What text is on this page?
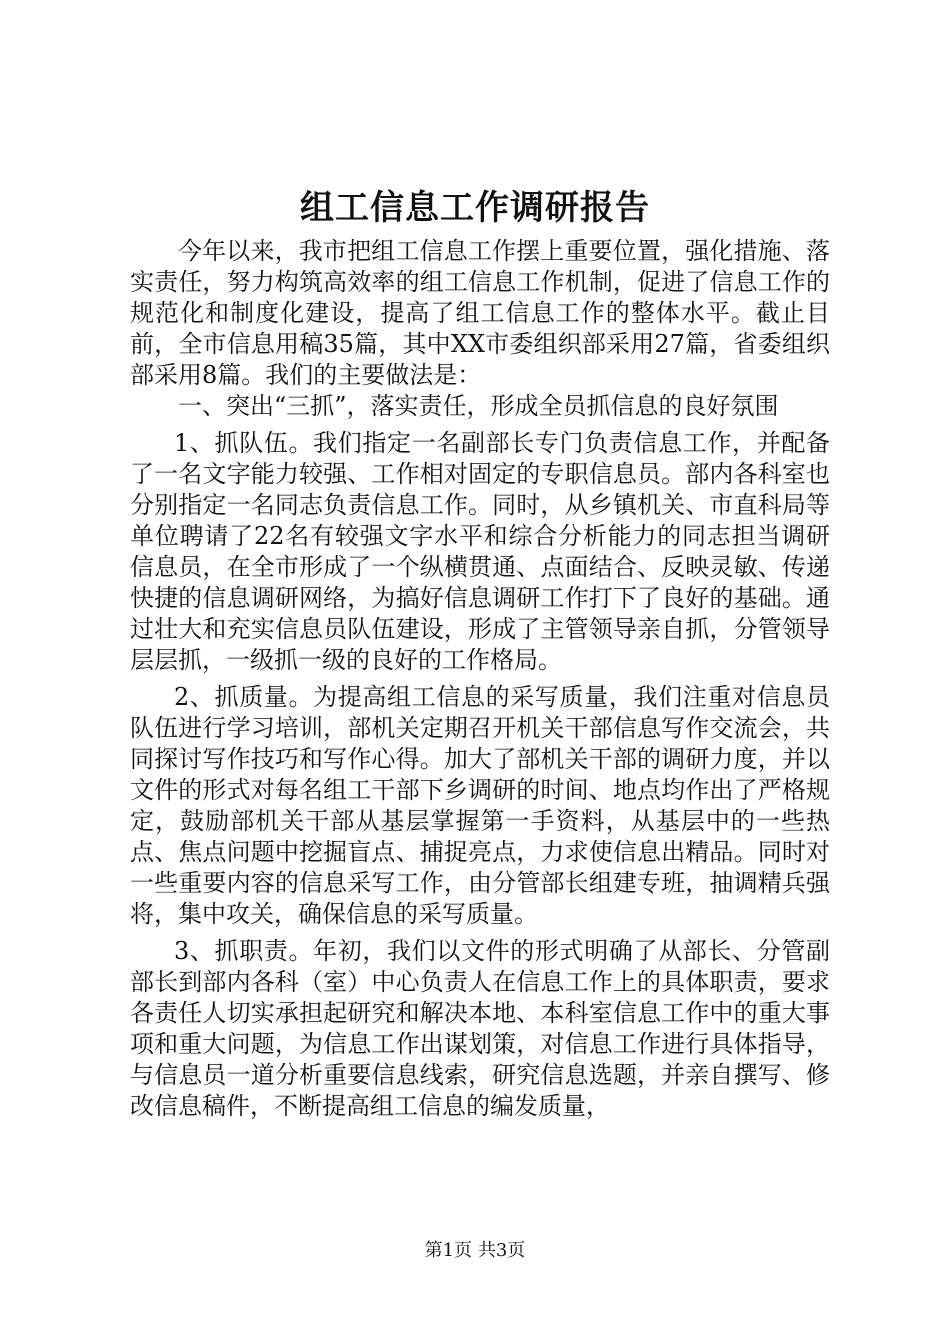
组工信息工作调研报告

今年以来，我市把组工信息工作摆上重要位置，强化措施、落实责任，努力构筑高效率的组工信息工作机制，促进了信息工作的规范化和制度化建设，提高了组工信息工作的整体水平。截止目前，全市信息用稿35篇，其中XX市委组织部采用27篇，省委组织部采用8篇。我们的主要做法是：

一、突出“三抓”，落实责任，形成全员抓信息的良好氛围

1、抓队伍。我们指定一名副部长专门负责信息工作，并配备了一名文字能力较强、工作相对固定的专职信息员。部内各科室也分别指定一名同志负责信息工作。同时，从乡镇机关、市直科局等单位聘请了22名有较强文字水平和综合分析能力的同志担当调研信息员，在全市形成了一个纵横贯通、点面结合、反映灵敏、传递快捷的信息调研网络，为搞好信息调研工作打下了良好的基础。通过壮大和充实信息员队伍建设，形成了主管领导亲自抓，分管领导层层抓，一级抓一级的良好的工作格局。

2、抓质量。为提高组工信息的采写质量，我们注重对信息员队伍进行学习培训，部机关定期召开机关干部信息写作交流会，共同探讨写作技巧和写作心得。加大了部机关干部的调研力度，并以文件的形式对每名组工干部下乡调研的时间、地点均作出了严格规定，鼓励部机关干部从基层掌握第一手资料，从基层中的一些热点、焦点问题中挖掘盲点、捕捉亮点，力求使信息出精品。同时对一些重要内容的信息采写工作，由分管部长组建专班，抽调精兵强将，集中攻关，确保信息的采写质量。

3、抓职责。年初，我们以文件的形式明确了从部长、分管副部长到部内各科（室）中心负责人在信息工作上的具体职责，要求各责任人切实承担起研究和解决本地、本科室信息工作中的重大事项和重大问题，为信息工作出谋划策，对信息工作进行具体指导，与信息员一道分析重要信息线索，研究信息选题，并亲自撰写、修改信息稿件，不断提高组工信息的编发质量，

第1页 共3页
